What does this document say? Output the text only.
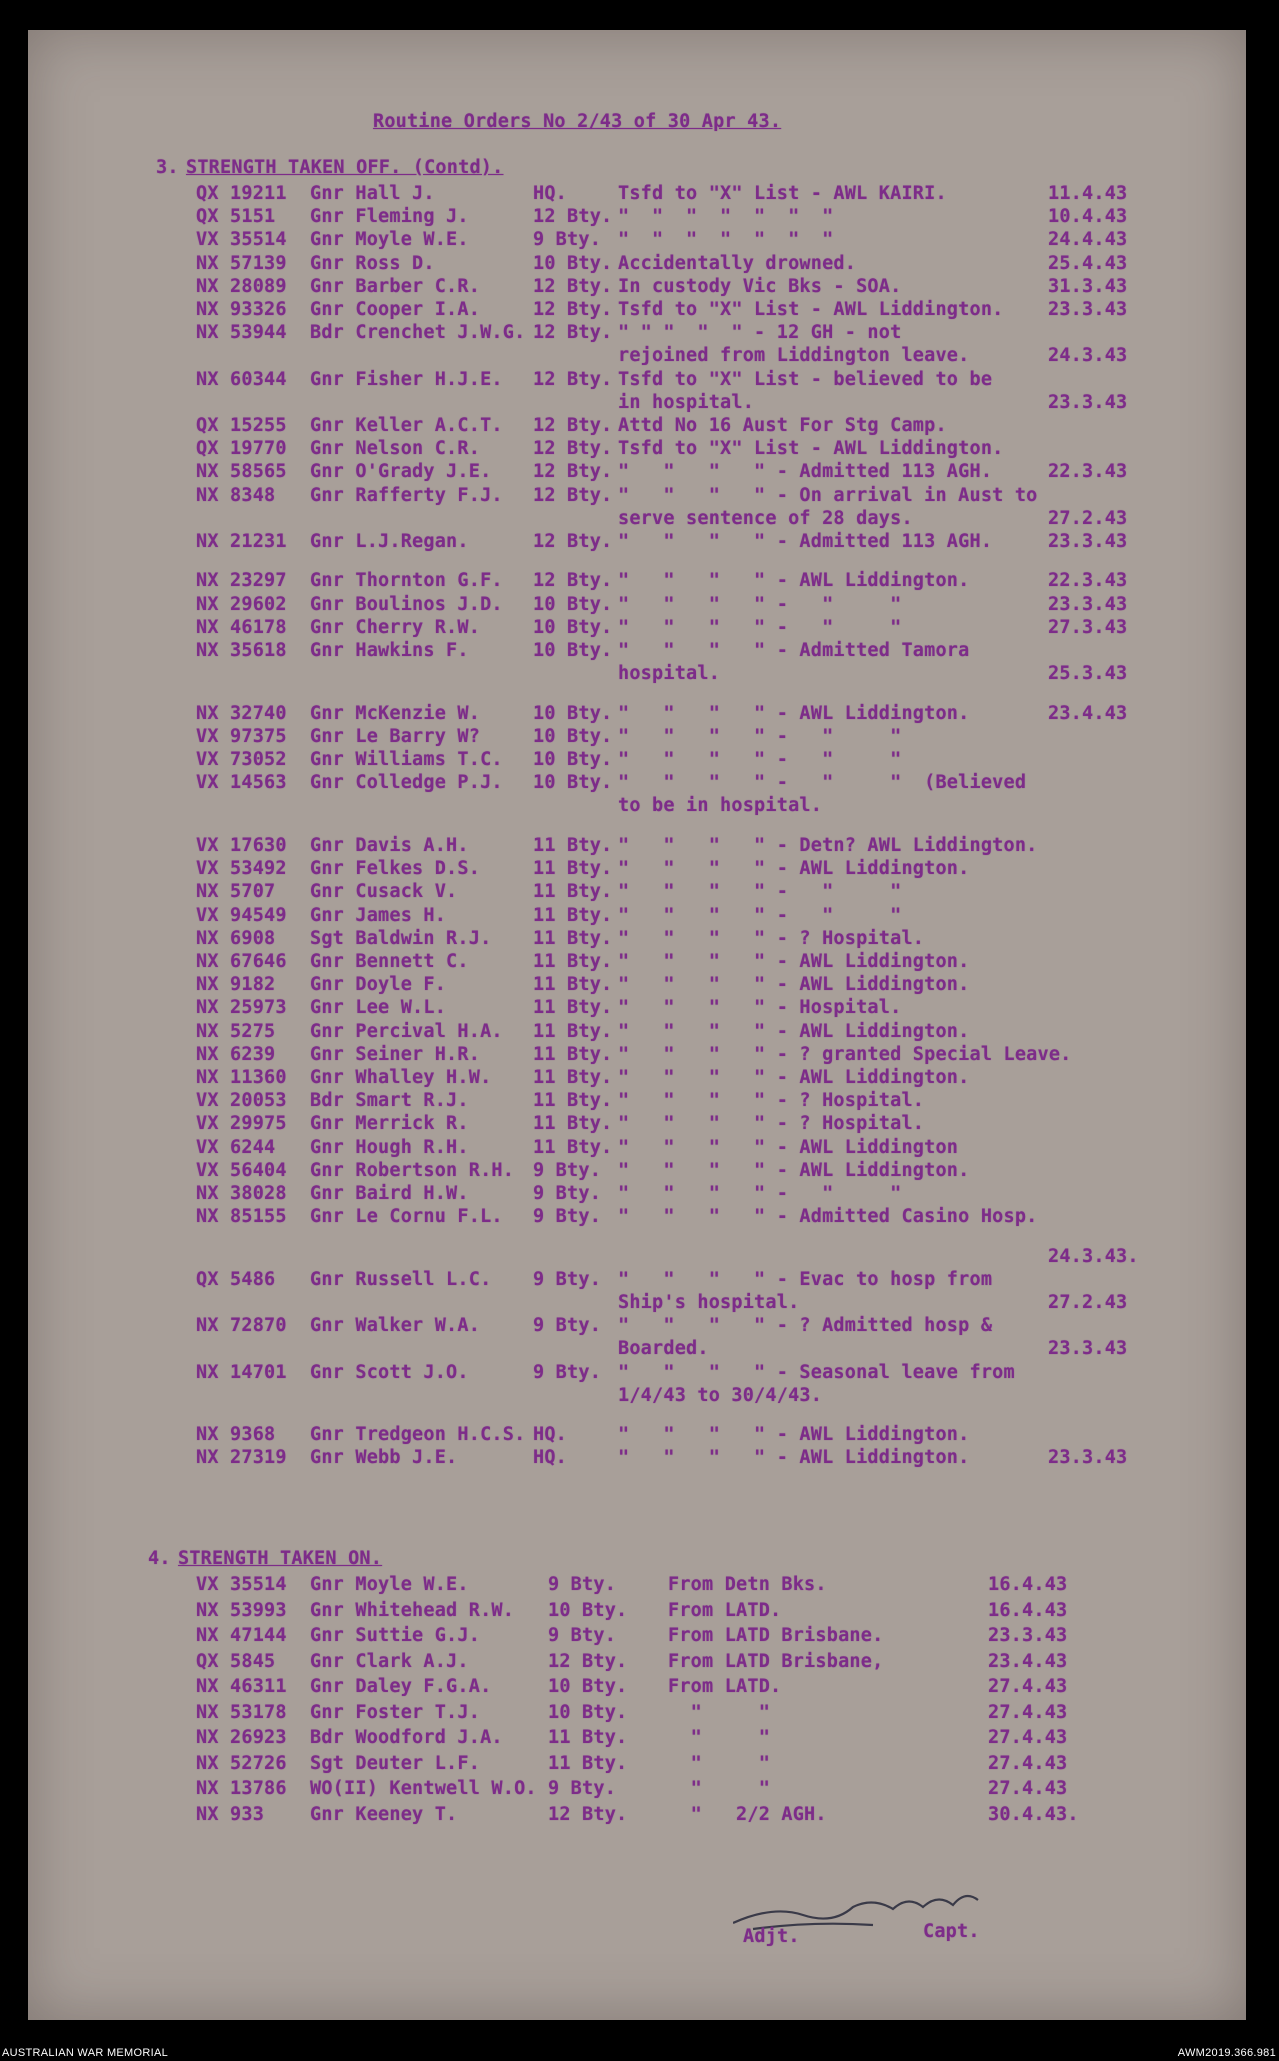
Routine Orders No 2/43 of 30 Apr 43.
3. STRENGTH TAKEN OFF. (Contd).
QX 19211 Gnr Hall J.	HQ.	Tsfd to "X" List - AWL KAIRI.	11.4.43
QX 5151 Gnr Fleming J.	12 Bty. "  "  "  "  "  "  "	10.4.43
VX 35514 Gnr Moyle W.E.	9 Bty. "  "  "  "  "  "  "	24.4.43
NX 57139 Gnr Ross D.	10 Bty. Accidentally drowned.	25.4.43
NX 28089 Gnr Barber C.R.	12 Bty. In custody Vic Bks - SOA.	31.3.43
NX 93326 Gnr Cooper I.A.	12 Bty. Tsfd to "X" List - AWL Liddington. 23.3.43
NX 53944 Bdr Crenchet J.W.G. 12 Bty. " " "  "  " - 12 GH - not
rejoined from Liddington leave.	24.3.43
NX 60344 Gnr Fisher H.J.E. 12 Bty. Tsfd to "X" List - believed to be
in hospital.	23.3.43
QX 15255 Gnr Keller A.C.T. 12 Bty. Attd No 16 Aust For Stg Camp.
QX 19770 Gnr Nelson C.R.	12 Bty. Tsfd to "X" List - AWL Liddington.
NX 58565 Gnr O'Grady J.E. 12 Bty. "   "   "   " - Admitted 113 AGH.	22.3.43
NX 8348 Gnr Rafferty F.J. 12 Bty. "   "   "   " - On arrival in Aust to
serve sentence of 28 days.	27.2.43
NX 21231 Gnr L.J.Regan.	12 Bty. "   "   "   " - Admitted 113 AGH.	23.3.43
NX 23297 Gnr Thornton G.F. 12 Bty. "   "   "   " - AWL Liddington.	22.3.43
NX 29602 Gnr Boulinos J.D. 10 Bty. "   "   "   " -   "     "	23.3.43
NX 46178 Gnr Cherry R.W.	10 Bty. "   "   "   " -   "     "	27.3.43
NX 35618 Gnr Hawkins F.	10 Bty. "   "   "   " - Admitted Tamora
hospital.	25.3.43
NX 32740 Gnr McKenzie W.	10 Bty. "   "   "   " - AWL Liddington.	23.4.43
VX 97375 Gnr Le Barry W?	10 Bty. "   "   "   " -   "     "
VX 73052 Gnr Williams T.C. 10 Bty. "   "   "   " -   "     "
VX 14563 Gnr Colledge P.J. 10 Bty. "   "   "   " -   "     "  (Believed
to be in hospital.
VX 17630 Gnr Davis A.H.	11 Bty. "   "   "   " - Detn? AWL Liddington.
VX 53492 Gnr Felkes D.S.	11 Bty. "   "   "   " - AWL Liddington.
NX 5707 Gnr Cusack V.	11 Bty. "   "   "   " -   "     "
VX 94549 Gnr James H.	11 Bty. "   "   "   " -   "     "
NX 6908 Sgt Baldwin R.J. 11 Bty. "   "   "   " - ? Hospital.
NX 67646 Gnr Bennett C.	11 Bty. "   "   "   " - AWL Liddington.
NX 9182 Gnr Doyle F.	11 Bty. "   "   "   " - AWL Liddington.
NX 25973 Gnr Lee W.L.	11 Bty. "   "   "   " - Hospital.
NX 5275 Gnr Percival H.A. 11 Bty. "   "   "   " - AWL Liddington.
NX 6239 Gnr Seiner H.R.	11 Bty. "   "   "   " - ? granted Special Leave.
NX 11360 Gnr Whalley H.W. 11 Bty. "   "   "   " - AWL Liddington.
VX 20053 Bdr Smart R.J.	11 Bty. "   "   "   " - ? Hospital.
VX 29975 Gnr Merrick R.	11 Bty. "   "   "   " - ? Hospital.
VX 6244 Gnr Hough R.H.	11 Bty. "   "   "   " - AWL Liddington
VX 56404 Gnr Robertson R.H. 9 Bty. "   "   "   " - AWL Liddington.
NX 38028 Gnr Baird H.W.	9 Bty. "   "   "   " -   "     "
NX 85155 Gnr Le Cornu F.L. 9 Bty. "   "   "   " - Admitted Casino Hosp.
24.3.43.
QX 5486 Gnr Russell L.C. 9 Bty. "   "   "   " - Evac to hosp from
Ship's hospital.	27.2.43
NX 72870 Gnr Walker W.A.	9 Bty. "   "   "   " - ? Admitted hosp &
Boarded.	23.3.43
NX 14701 Gnr Scott J.O.	9 Bty. "   "   "   " - Seasonal leave from
1/4/43 to 30/4/43.
NX 9368 Gnr Tredgeon H.C.S. HQ.	"   "   "   " - AWL Liddington.
NX 27319 Gnr Webb J.E.	HQ.	"   "   "   " - AWL Liddington.	23.3.43
4. STRENGTH TAKEN ON.
VX 35514 Gnr Moyle W.E.	9 Bty.	From Detn Bks.	16.4.43
NX 53993 Gnr Whitehead R.W. 10 Bty. From LATD.	16.4.43
NX 47144 Gnr Suttie G.J.	9 Bty.	From LATD Brisbane.	23.3.43
QX 5845 Gnr Clark A.J.	12 Bty. From LATD Brisbane,	23.4.43
NX 46311 Gnr Daley F.G.A.	10 Bty. From LATD.	27.4.43
NX 53178 Gnr Foster T.J.	10 Bty. "     "	27.4.43
NX 26923 Bdr Woodford J.A. 11 Bty. "     "	27.4.43
NX 52726 Sgt Deuter L.F.	11 Bty. "     "	27.4.43
NX 13786 WO(II) Kentwell W.O. 9 Bty.	"     "	27.4.43
NX 933 Gnr Keeney T.	12 Bty. "   2/2 AGH.	30.4.43.
Capt.
Adjt.
AUSTRALIAN WAR MEMORIAL	AWM2019.366.981
